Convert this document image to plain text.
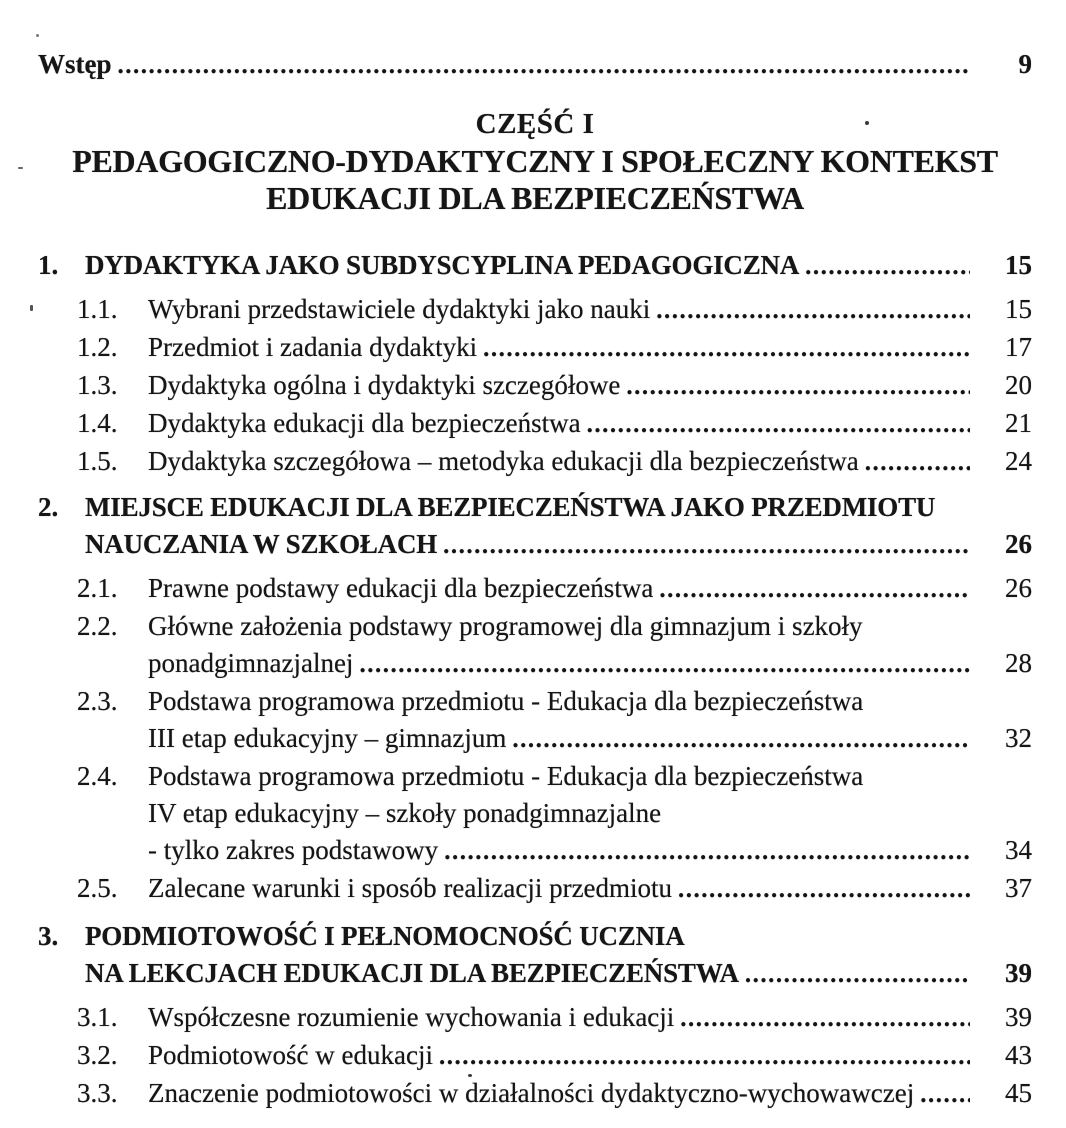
Wstęp .....	9
CZĘŚĆ I
PEDAGOGICZNO-DYDAKTYCZNY I SPOŁECZNY KONTEKST
EDUKACJI DLA BEZPIECZEŃSTWA
1. DYDAKTYKA JAKO SUBDYSCYPLINA PEDAGOGICZNA .....	15
1.1.	Wybrani przedstawiciele dydaktyki jako nauki .....	15
1.2.	Przedmiot i zadania dydaktyki .....	17
1.3.	Dydaktyka ogólna i dydaktyki szczegółowe .....	20
1.4.	Dydaktyka edukacji dla bezpieczeństwa .....	21
1.5.	Dydaktyka szczegółowa – metodyka edukacji dla bezpieczeństwa .....	24
2. MIEJSCE EDUKACJI DLA BEZPIECZEŃSTWA JAKO PRZEDMIOTU
NAUCZANIA W SZKOŁACH .....	26
2.1.	Prawne podstawy edukacji dla bezpieczeństwa .....	26
2.2.	Główne założenia podstawy programowej dla gimnazjum i szkoły
ponadgimnazjalnej .....	28
2.3.	Podstawa programowa przedmiotu - Edukacja dla bezpieczeństwa
III etap edukacyjny – gimnazjum .....	32
2.4.	Podstawa programowa przedmiotu - Edukacja dla bezpieczeństwa
IV etap edukacyjny – szkoły ponadgimnazjalne
- tylko zakres podstawowy .....	34
2.5.	Zalecane warunki i sposób realizacji przedmiotu .....	37
3. PODMIOTOWOŚĆ I PEŁNOMOCNOŚĆ UCZNIA
NA LEKCJACH EDUKACJI DLA BEZPIECZEŃSTWA .....	39
3.1.	Współczesne rozumienie wychowania i edukacji .....	39
3.2.	Podmiotowość w edukacji .....	43
3.3.	Znaczenie podmiotowości w działalności dydaktyczno-wychowawczej .....	45
